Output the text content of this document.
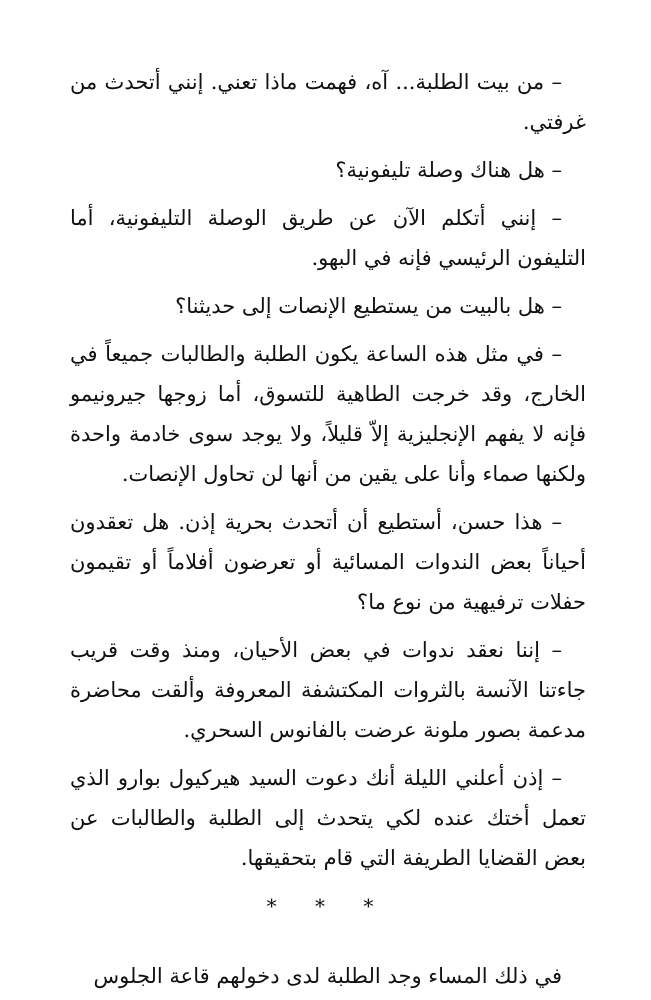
– من بيت الطلبة... آه، فهمت ماذا تعني. إنني أتحدث من غرفتي.

– هل هناك وصلة تليفونية؟

– إنني أتكلم الآن عن طريق الوصلة التليفونية، أما التليفون الرئيسي فإنه في البهو.

– هل بالبيت من يستطيع الإنصات إلى حديثنا؟

– في مثل هذه الساعة يكون الطلبة والطالبات جميعاً في الخارج، وقد خرجت الطاهية للتسوق، أما زوجها جيرونيمو فإنه لا يفهم الإنجليزية إلاّ قليلاً، ولا يوجد سوى خادمة واحدة ولكنها صماء وأنا على يقين من أنها لن تحاول الإنصات.

– هذا حسن، أستطيع أن أتحدث بحرية إذن. هل تعقدون أحياناً بعض الندوات المسائية أو تعرضون أفلاماً أو تقيمون حفلات ترفيهية من نوع ما؟

– إننا نعقد ندوات في بعض الأحيان، ومنذ وقت قريب جاءتنا الآنسة بالثروات المكتشفة المعروفة وألقت محاضرة مدعمة بصور ملونة عرضت بالفانوس السحري.

– إذن أعلني الليلة أنك دعوت السيد هيركيول بوارو الذي تعمل أختك عنده لكي يتحدث إلى الطلبة والطالبات عن بعض القضايا الطريفة التي قام بتحقيقها.

* * *

في ذلك المساء وجد الطلبة لدى دخولهم قاعة الجلوس
